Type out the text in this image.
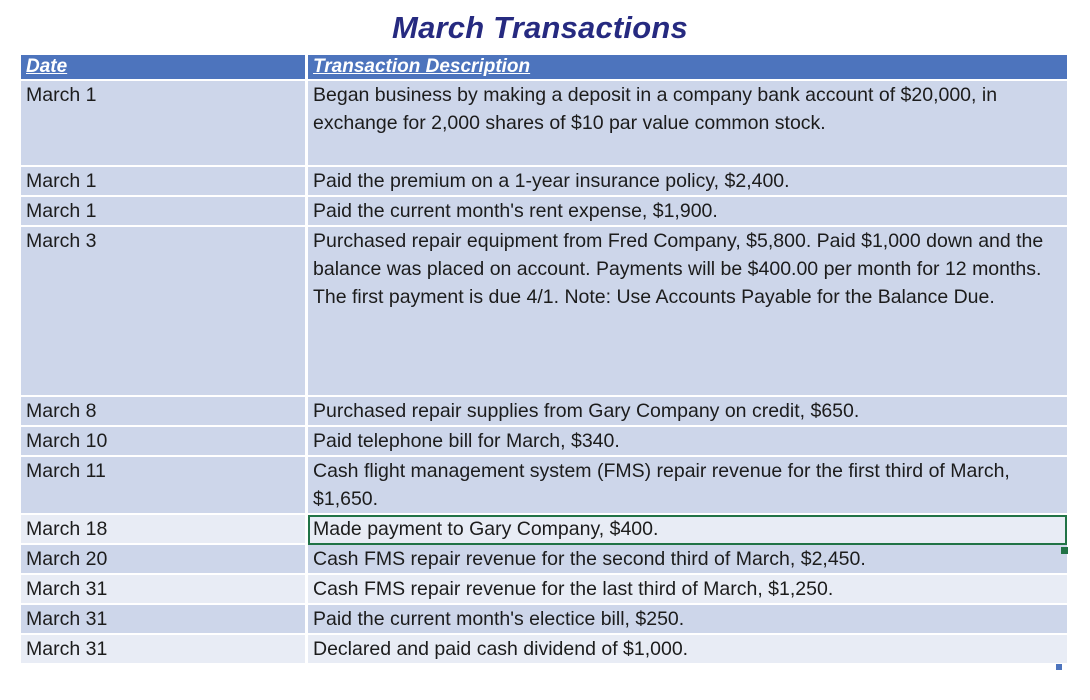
March Transactions
Date	Transaction Description
March 1	Began business by making a deposit in a company bank account of $20,000, in exchange for 2,000 shares of $10 par value common stock.
March 1	Paid the premium on a 1-year insurance policy, $2,400.
March 1	Paid the current month's rent expense, $1,900.
March 3	Purchased repair equipment from Fred Company, $5,800. Paid $1,000 down and the balance was placed on account. Payments will be $400.00 per month for 12 months. The first payment is due 4/1. Note: Use Accounts Payable for the Balance Due.
March 8	Purchased repair supplies from Gary Company on credit, $650.
March 10	Paid telephone bill for March, $340.
March 11	Cash flight management system (FMS) repair revenue for the first third of March, $1,650.
March 18	Made payment to Gary Company, $400.
March 20	Cash FMS repair revenue for the second third of March, $2,450.
March 31	Cash FMS repair revenue for the last third of March, $1,250.
March 31	Paid the current month's electice bill, $250.
March 31	Declared and paid cash dividend of $1,000.
